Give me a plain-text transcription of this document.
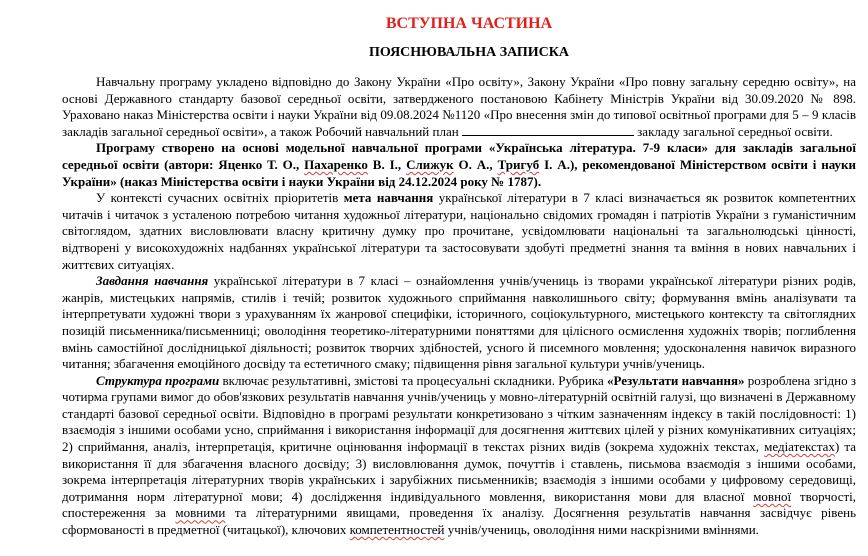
ВСТУПНА ЧАСТИНА
ПОЯСНЮВАЛЬНА ЗАПИСКА

Навчальну програму укладено відповідно до Закону України «Про освіту», Закону України «Про повну загальну середню освіту», на основі Державного стандарту базової середньої освіти, затвердженого постановою Кабінету Міністрів України від 30.09.2020 № 898. Ураховано наказ Міністерства освіти і науки України від 09.08.2024 №1120 «Про внесення змін до типової освітньої програми для 5 – 9 класів закладів загальної середньої освіти», а також Робочий навчальний план	закладу загальної середньої освіти.

Програму створено на основі модельної навчальної програми «Українська література. 7-9 класи» для закладів загальної середньої освіти (автори: Яценко Т. О., Пахаренко В. І., Слижук О. А., Тригуб І. А.), рекомендованої Міністерством освіти і науки України» (наказ Міністерства освіти і науки України від 24.12.2024 року № 1787).

У контексті сучасних освітніх пріоритетів мета навчання української літератури в 7 класі визначається як розвиток компетентних читачів і читачок з усталеною потребою читання художньої літератури, національно свідомих громадян і патріотів України з гуманістичним світоглядом, здатних висловлювати власну критичну думку про прочитане, усвідомлювати національні та загальнолюдські цінності, відтворені у високохудожніх надбаннях української літератури та застосовувати здобуті предметні знання та вміння в нових навчальних і життєвих ситуаціях.

Завдання навчання української літератури в 7 класі – ознайомлення учнів/учениць із творами української літератури різних родів, жанрів, мистецьких напрямів, стилів і течій; розвиток художнього сприймання навколишнього світу; формування вмінь аналізувати та інтерпретувати художні твори з урахуванням їх жанрової специфіки, історичного, соціокультурного, мистецького контексту та світоглядних позицій письменника/письменниці; оволодіння теоретико-літературними поняттями для цілісного осмислення художніх творів; поглиблення вмінь самостійної дослідницької діяльності; розвиток творчих здібностей, усного й писемного мовлення; удосконалення навичок виразного читання; збагачення емоційного досвіду та естетичного смаку; підвищення рівня загальної культури учнів/учениць.

Структура програми включає результативні, змістові та процесуальні складники. Рубрика «Результати навчання» розроблена згідно з чотирма групами вимог до обов'язкових результатів навчання учнів/учениць у мовно-літературній освітній галузі, що визначені в Державному стандарті базової середньої освіти. Відповідно в програмі результати конкретизовано з чітким зазначенням індексу в такій послідовності: 1) взаємодія з іншими особами усно, сприймання і використання інформації для досягнення життєвих цілей у різних комунікативних ситуаціях; 2) сприймання, аналіз, інтерпретація, критичне оцінювання інформації в текстах різних видів (зокрема художніх текстах, медіатекстах) та використання її для збагачення власного досвіду; 3) висловлювання думок, почуттів і ставлень, письмова взаємодія з іншими особами, зокрема інтерпретація літературних творів українських і зарубіжних письменників; взаємодія з іншими особами у цифровому середовищі, дотримання норм літературної мови; 4) дослідження індивідуального мовлення, використання мови для власної мовної творчості, спостереження за мовними та літературними явищами, проведення їх аналізу. Досягнення результатів навчання засвідчує рівень сформованості в предметної (читацької), ключових компетентностей учнів/учениць, оволодіння ними наскрізними вміннями.
